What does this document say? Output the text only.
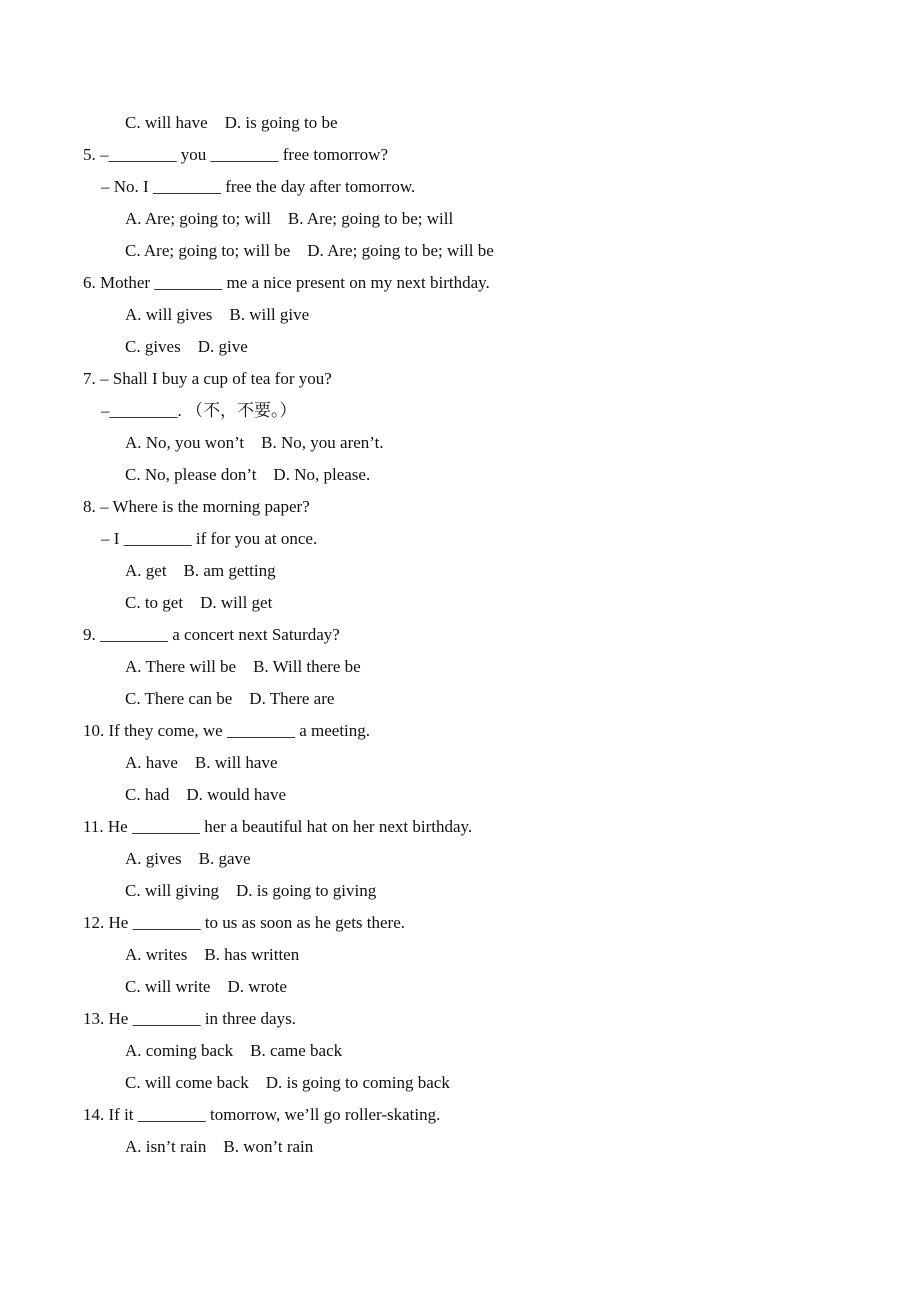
C. will have    D. is going to be
5. –________ you ________ free tomorrow?
– No. I ________ free the day after tomorrow.
A. Are; going to; will    B. Are; going to be; will
C. Are; going to; will be    D. Are; going to be; will be
6. Mother ________ me a nice present on my next birthday.
A. will gives    B. will give
C. gives    D. give
7. – Shall I buy a cup of tea for you?
–________. （不，不要。）
A. No, you won’t    B. No, you aren’t.
C. No, please don’t    D. No, please.
8. – Where is the morning paper?
– I ________ if for you at once.
A. get    B. am getting
C. to get    D. will get
9. ________ a concert next Saturday?
A. There will be    B. Will there be
C. There can be    D. There are
10. If they come, we ________ a meeting.
A. have    B. will have
C. had    D. would have
11. He ________ her a beautiful hat on her next birthday.
A. gives    B. gave
C. will giving    D. is going to giving
12. He ________ to us as soon as he gets there.
A. writes    B. has written
C. will write    D. wrote
13. He ________ in three days.
A. coming back    B. came back
C. will come back    D. is going to coming back
14. If it ________ tomorrow, we’ll go roller-skating.
A. isn’t rain    B. won’t rain
